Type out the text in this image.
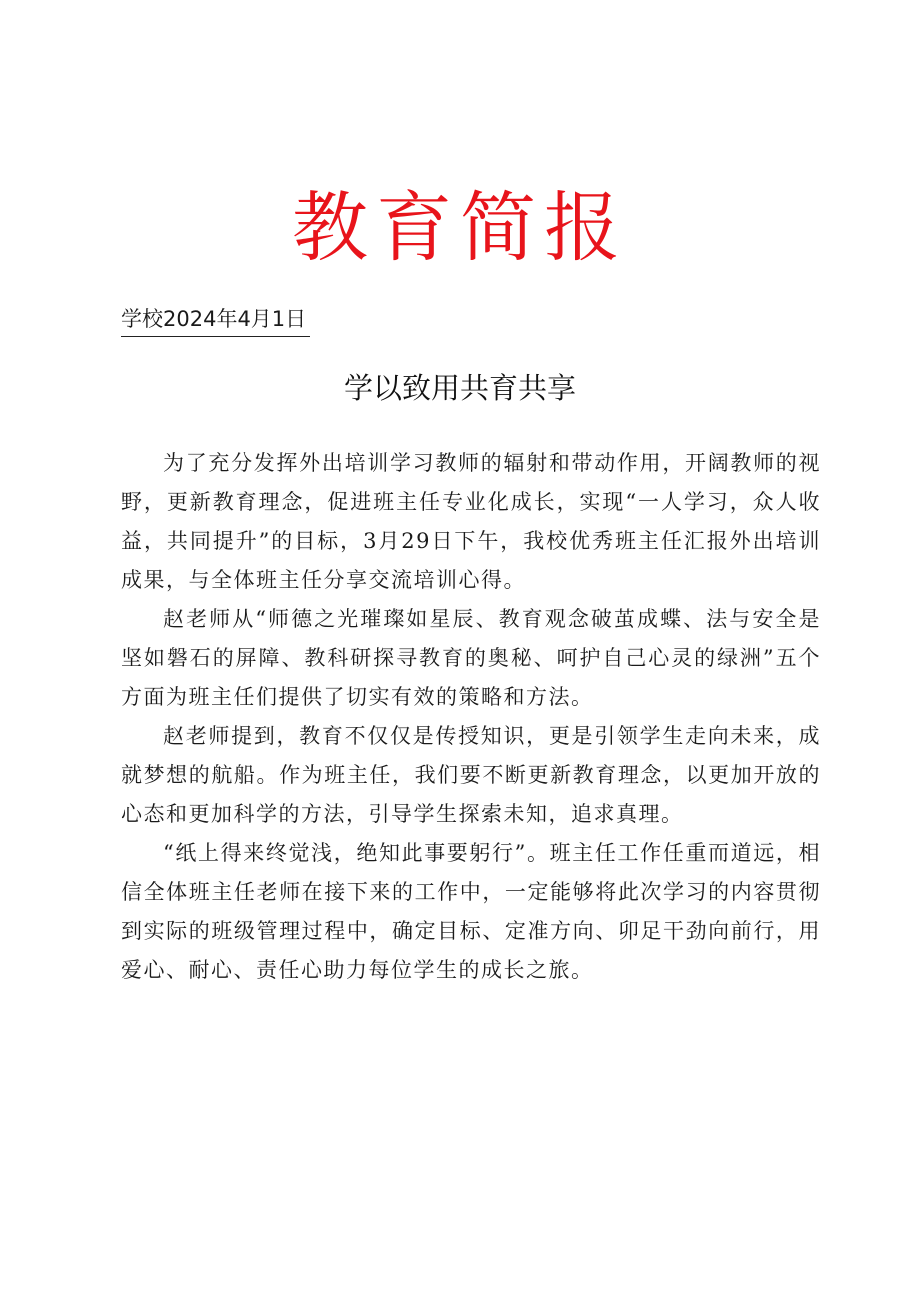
教育简报
学校2024年4月1日
学以致用共育共享

为了充分发挥外出培训学习教师的辐射和带动作用，开阔教师的视野，更新教育理念，促进班主任专业化成长，实现“一人学习，众人收益，共同提升”的目标，3月29日下午，我校优秀班主任汇报外出培训成果，与全体班主任分享交流培训心得。

赵老师从“师德之光璀璨如星辰、教育观念破茧成蝶、法与安全是坚如磐石的屏障、教科研探寻教育的奥秘、呵护自己心灵的绿洲”五个方面为班主任们提供了切实有效的策略和方法。

赵老师提到，教育不仅仅是传授知识，更是引领学生走向未来，成就梦想的航船。作为班主任，我们要不断更新教育理念，以更加开放的心态和更加科学的方法，引导学生探索未知，追求真理。

“纸上得来终觉浅，绝知此事要躬行”。班主任工作任重而道远，相信全体班主任老师在接下来的工作中，一定能够将此次学习的内容贯彻到实际的班级管理过程中，确定目标、定准方向、卯足干劲向前行，用爱心、耐心、责任心助力每位学生的成长之旅。
